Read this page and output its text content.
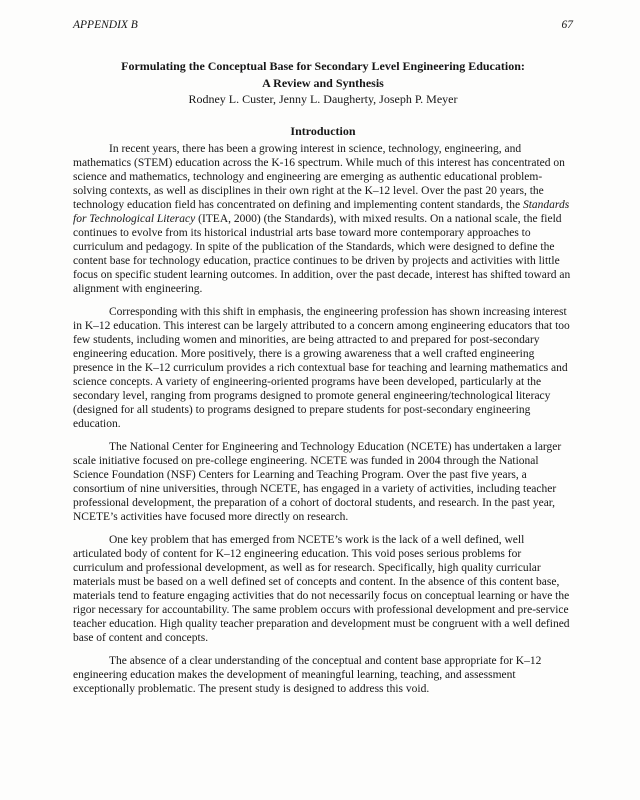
APPENDIX B	67
Formulating the Conceptual Base for Secondary Level Engineering Education:
A Review and Synthesis
Rodney L. Custer, Jenny L. Daugherty, Joseph P. Meyer
Introduction

In recent years, there has been a growing interest in science, technology, engineering, and mathematics (STEM) education across the K-16 spectrum. While much of this interest has concentrated on science and mathematics, technology and engineering are emerging as authentic educational problem-solving contexts, as well as disciplines in their own right at the K–12 level. Over the past 20 years, the technology education field has concentrated on defining and implementing content standards, the Standards for Technological Literacy (ITEA, 2000) (the Standards), with mixed results. On a national scale, the field continues to evolve from its historical industrial arts base toward more contemporary approaches to curriculum and pedagogy. In spite of the publication of the Standards, which were designed to define the content base for technology education, practice continues to be driven by projects and activities with little focus on specific student learning outcomes. In addition, over the past decade, interest has shifted toward an alignment with engineering.

Corresponding with this shift in emphasis, the engineering profession has shown increasing interest in K–12 education. This interest can be largely attributed to a concern among engineering educators that too few students, including women and minorities, are being attracted to and prepared for post-secondary engineering education. More positively, there is a growing awareness that a well crafted engineering presence in the K–12 curriculum provides a rich contextual base for teaching and learning mathematics and science concepts. A variety of engineering-oriented programs have been developed, particularly at the secondary level, ranging from programs designed to promote general engineering/technological literacy (designed for all students) to programs designed to prepare students for post-secondary engineering education.

The National Center for Engineering and Technology Education (NCETE) has undertaken a larger scale initiative focused on pre-college engineering. NCETE was funded in 2004 through the National Science Foundation (NSF) Centers for Learning and Teaching Program. Over the past five years, a consortium of nine universities, through NCETE, has engaged in a variety of activities, including teacher professional development, the preparation of a cohort of doctoral students, and research. In the past year, NCETE’s activities have focused more directly on research.

One key problem that has emerged from NCETE’s work is the lack of a well defined, well articulated body of content for K–12 engineering education. This void poses serious problems for curriculum and professional development, as well as for research. Specifically, high quality curricular materials must be based on a well defined set of concepts and content. In the absence of this content base, materials tend to feature engaging activities that do not necessarily focus on conceptual learning or have the rigor necessary for accountability. The same problem occurs with professional development and pre-service teacher education. High quality teacher preparation and development must be congruent with a well defined base of content and concepts.

The absence of a clear understanding of the conceptual and content base appropriate for K–12 engineering education makes the development of meaningful learning, teaching, and assessment exceptionally problematic. The present study is designed to address this void.
